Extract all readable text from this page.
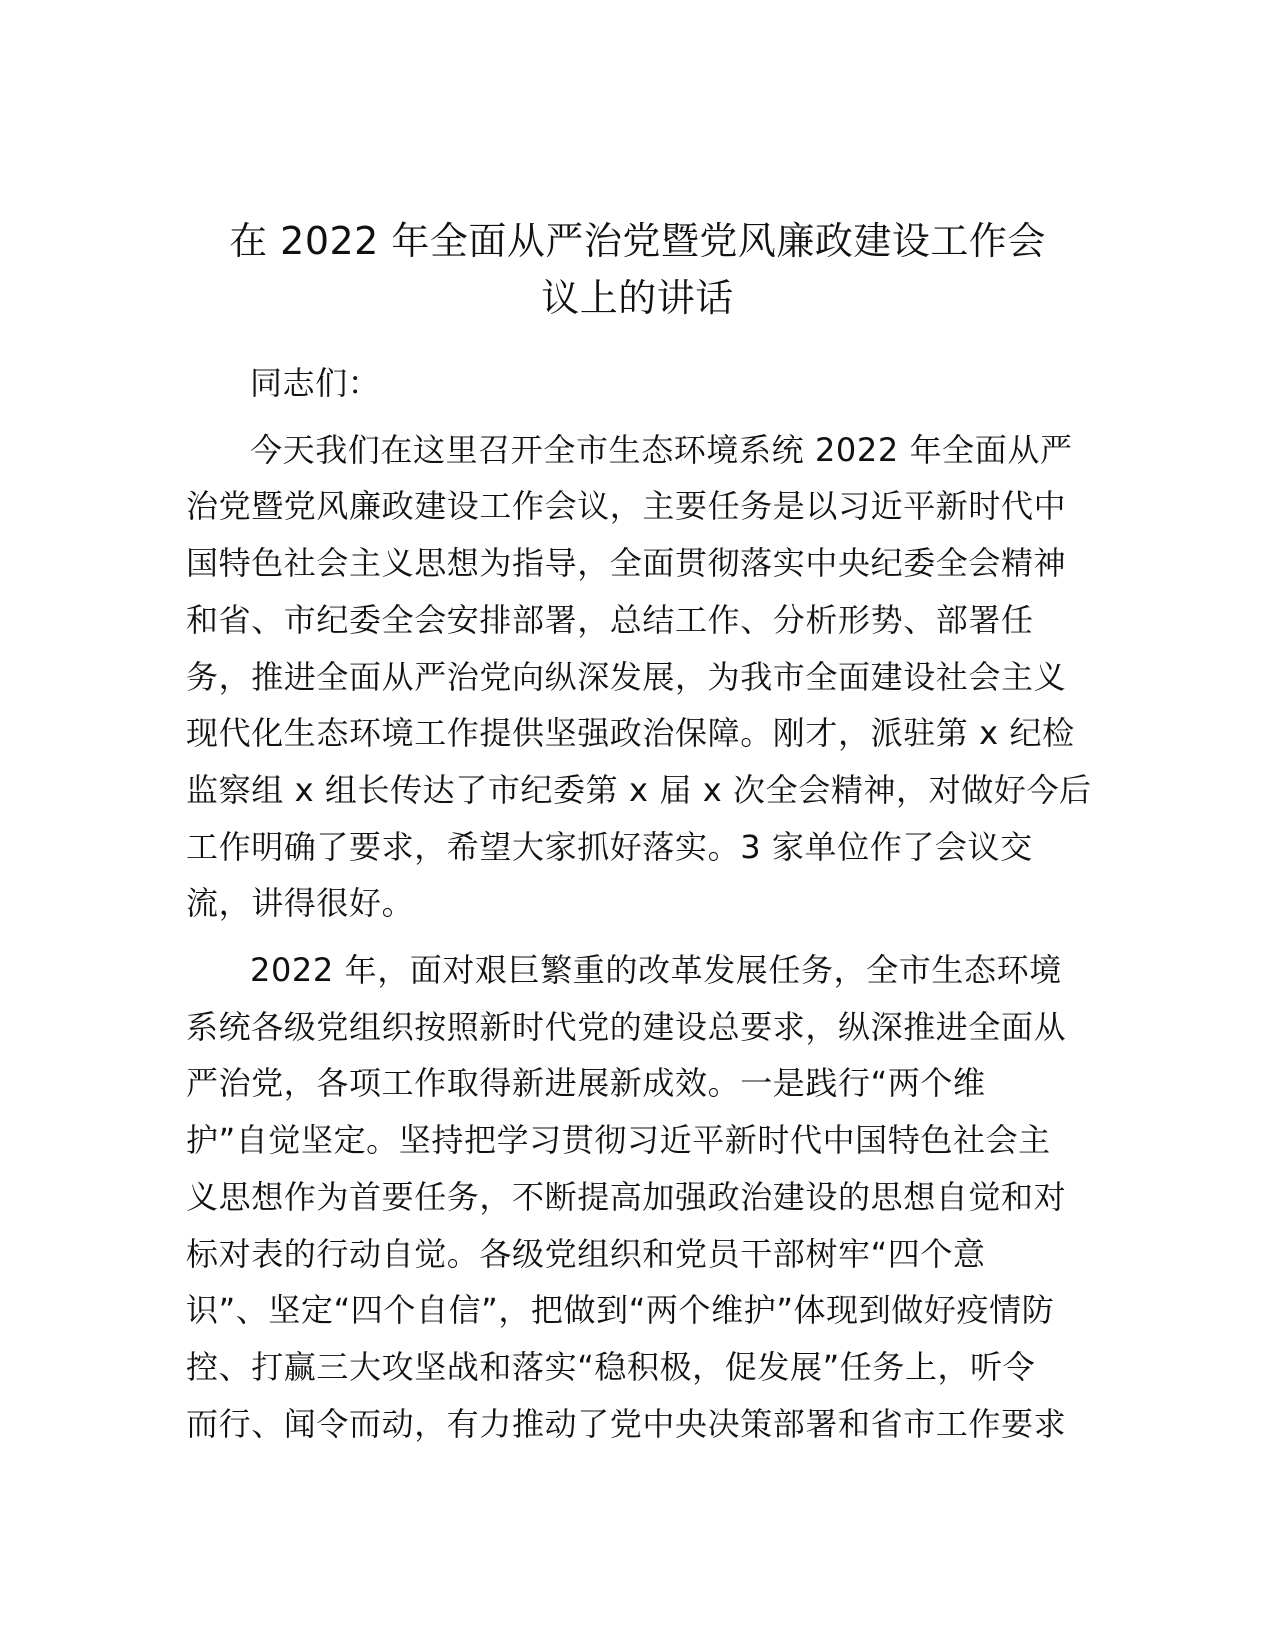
在 2022 年全面从严治党暨党风廉政建设工作会
议上的讲话

同志们：

今天我们在这里召开全市生态环境系统 2022 年全面从严
治党暨党风廉政建设工作会议，主要任务是以习近平新时代中
国特色社会主义思想为指导，全面贯彻落实中央纪委全会精神
和省、市纪委全会安排部署，总结工作、分析形势、部署任
务，推进全面从严治党向纵深发展，为我市全面建设社会主义
现代化生态环境工作提供坚强政治保障。刚才，派驻第 x 纪检
监察组 x 组长传达了市纪委第 x 届 x 次全会精神，对做好今后
工作明确了要求，希望大家抓好落实。3 家单位作了会议交
流，讲得很好。

2022 年，面对艰巨繁重的改革发展任务，全市生态环境
系统各级党组织按照新时代党的建设总要求，纵深推进全面从
严治党，各项工作取得新进展新成效。一是践行“两个维
护”自觉坚定。坚持把学习贯彻习近平新时代中国特色社会主
义思想作为首要任务，不断提高加强政治建设的思想自觉和对
标对表的行动自觉。各级党组织和党员干部树牢“四个意
识”、坚定“四个自信”，把做到“两个维护”体现到做好疫情防
控、打赢三大攻坚战和落实“稳积极，促发展”任务上，听令
而行、闻令而动，有力推动了党中央决策部署和省市工作要求
